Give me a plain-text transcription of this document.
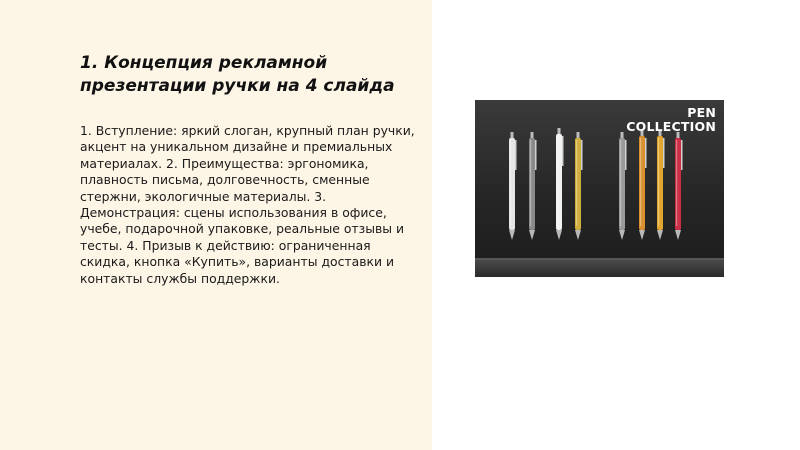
1. Концепция рекламной презентации ручки на 4 слайда

1. Вступление: яркий слоган, крупный план ручки, акцент на уникальном дизайне и премиальных материалах. 2. Преимущества: эргономика, плавность письма, долговечность, сменные стержни, экологичные материалы. 3. Демонстрация: сцены использования в офисе, учебе, подарочной упаковке, реальные отзывы и тесты. 4. Призыв к действию: ограниченная скидка, кнопка «Купить», варианты доставки и контакты службы поддержки.

PEN
COLLECTION
